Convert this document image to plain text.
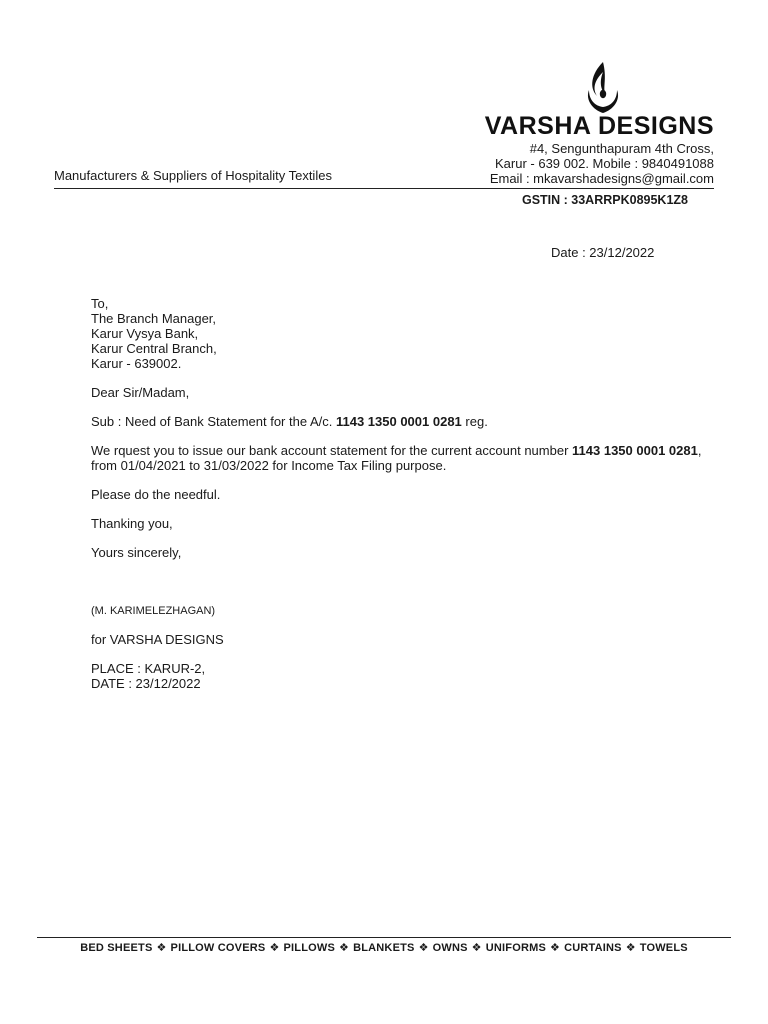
VARSHA DESIGNS
#4, Sengunthapuram 4th Cross,
Karur - 639 002. Mobile : 9840491088
Email : mkavarshadesigns@gmail.com
Manufacturers & Suppliers of Hospitality Textiles
GSTIN : 33ARRPK0895K1Z8
Date : 23/12/2022

To,

The Branch Manager,

Karur Vysya Bank,

Karur Central Branch,

Karur - 639002.

Dear Sir/Madam,

Sub : Need of Bank Statement for the A/c. 1143 1350 0001 0281 reg.

We rquest you to issue our bank account statement for the current account number 1143 1350 0001 0281,

from 01/04/2021 to 31/03/2022 for Income Tax Filing purpose.

Please do the needful.

Thanking you,

Yours sincerely,

(M. KARIMELEZHAGAN)

for VARSHA DESIGNS

PLACE : KARUR-2,

DATE : 23/12/2022

BED SHEETS ❖ PILLOW COVERS ❖ PILLOWS ❖ BLANKETS ❖ OWNS ❖ UNIFORMS ❖ CURTAINS ❖ TOWELS
